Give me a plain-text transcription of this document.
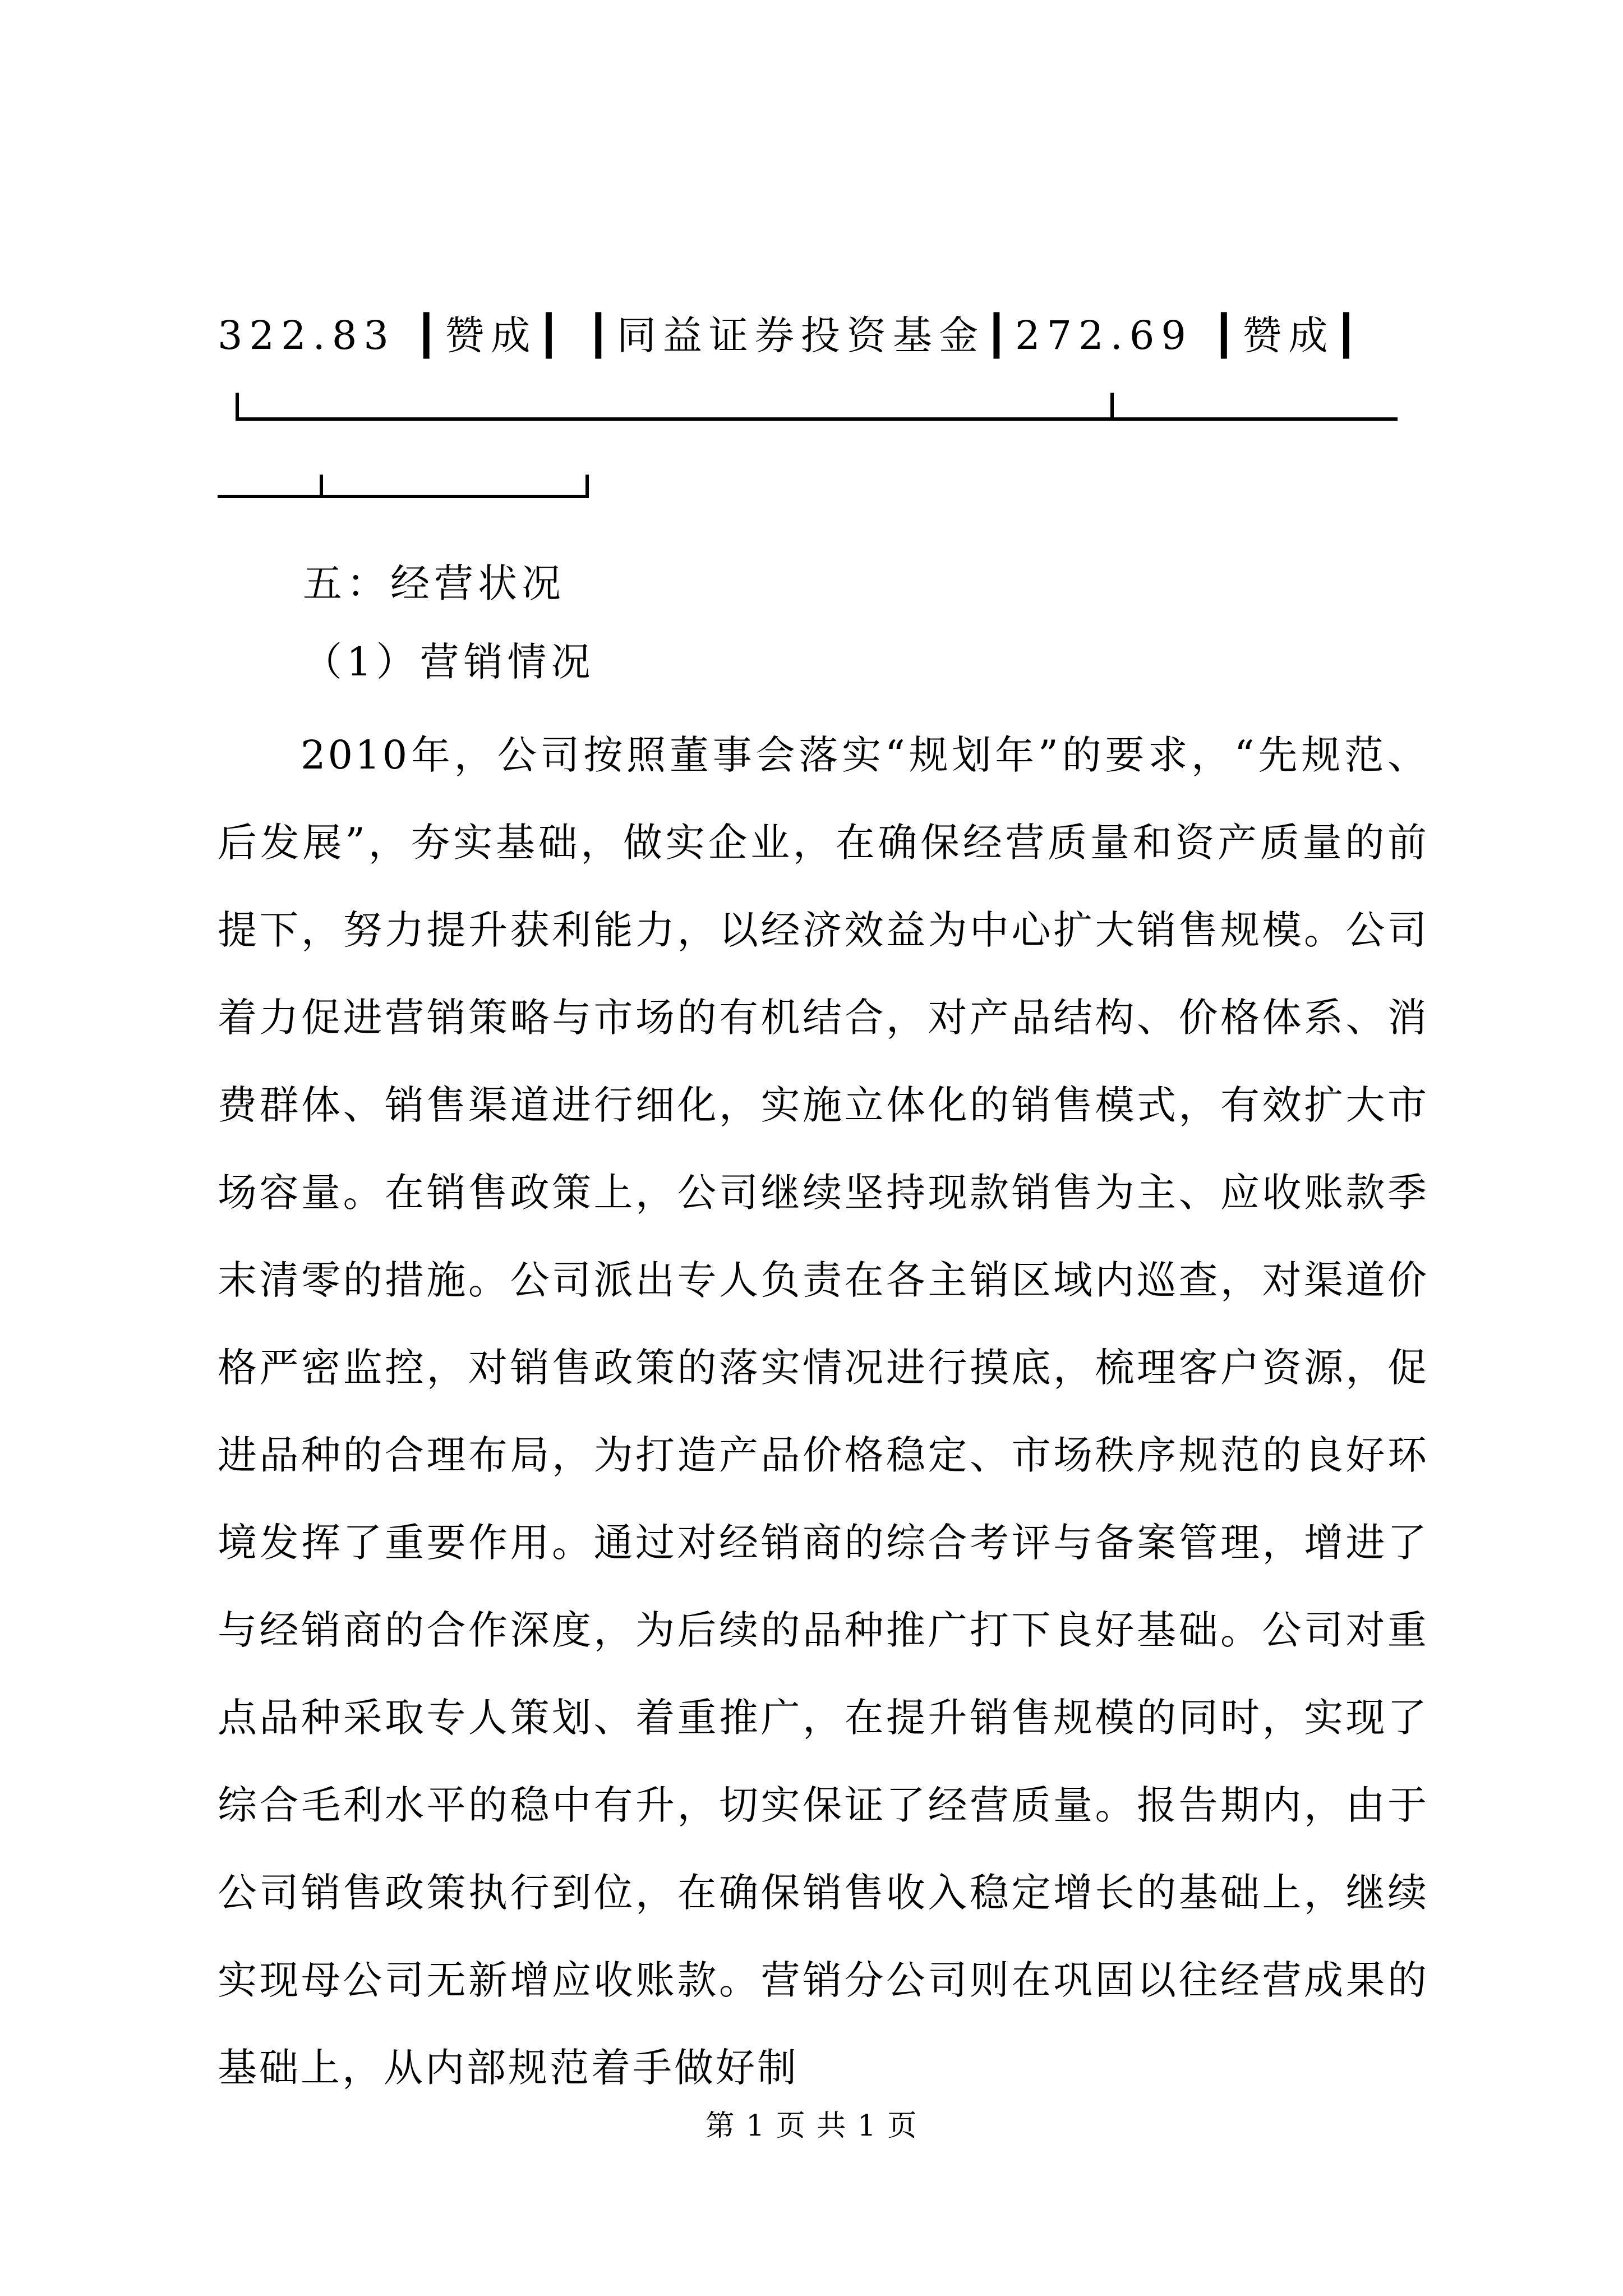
322.83 ┃赞成┃ ┃同益证券投资基金┃272.69 ┃赞成┃
五：经营状况
（1）营销情况
2010年，公司按照董事会落实“规划年”的要求，“先规范、后发展”，夯实基础，做实企业，在确保经营质量和资产质量的前提下，努力提升获利能力，以经济效益为中心扩大销售规模。公司着力促进营销策略与市场的有机结合，对产品结构、价格体系、消费群体、销售渠道进行细化，实施立体化的销售模式，有效扩大市场容量。在销售政策上，公司继续坚持现款销售为主、应收账款季末清零的措施。公司派出专人负责在各主销区域内巡查，对渠道价格严密监控，对销售政策的落实情况进行摸底，梳理客户资源，促进品种的合理布局，为打造产品价格稳定、市场秩序规范的良好环境发挥了重要作用。通过对经销商的综合考评与备案管理，增进了与经销商的合作深度，为后续的品种推广打下良好基础。公司对重点品种采取专人策划、着重推广，在提升销售规模的同时，实现了综合毛利水平的稳中有升，切实保证了经营质量。报告期内，由于公司销售政策执行到位，在确保销售收入稳定增长的基础上，继续实现母公司无新增应收账款。营销分公司则在巩固以往经营成果的基础上，从内部规范着手做好制
第 1 页 共 1 页
